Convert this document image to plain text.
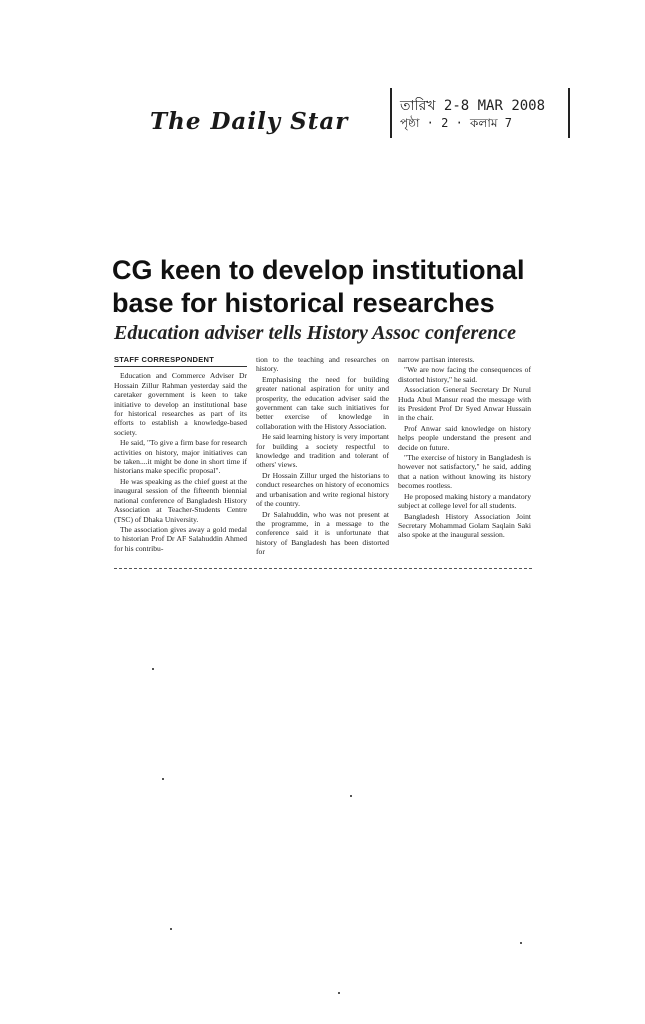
The Daily Star
তারিখ 2-8 MAR 2008
পৃষ্ঠা · 2 · কলাম 7
CG keen to develop institutional base for historical researches
Education adviser tells History Assoc conference
STAFF CORRESPONDENT

Education and Commerce Adviser Dr Hossain Zillur Rahman yesterday said the caretaker government is keen to take initiative to develop an institutional base for historical researches as part of its efforts to establish a knowledge-based society.

He said, "To give a firm base for research activities on history, major initiatives can be taken....it might be done in short time if historians make specific proposal".

He was speaking as the chief guest at the inaugural session of the fifteenth biennial national conference of Bangladesh History Association at Teacher-Students Centre (TSC) of Dhaka University.

The association gives away a gold medal to historian Prof Dr AF Salahuddin Ahmed for his contribu-

tion to the teaching and researches on history.

Emphasising the need for building greater national aspiration for unity and prosperity, the education adviser said the government can take such initiatives for better exercise of knowledge in collaboration with the History Association.

He said learning history is very important for building a society respectful to knowledge and tradition and tolerant of others' views.

Dr Hossain Zillur urged the historians to conduct researches on history of economics and urbanisation and write regional history of the country.

Dr Salahuddin, who was not present at the programme, in a message to the conference said it is unfortunate that history of Bangladesh has been distorted for

narrow partisan interests.

"We are now facing the consequences of distorted history," he said.

Association General Secretary Dr Nurul Huda Abul Mansur read the message with its President Prof Dr Syed Anwar Hussain in the chair.

Prof Anwar said knowledge on history helps people understand the present and decide on future.

"The exercise of history in Bangladesh is however not satisfactory," he said, adding that a nation without knowing its history becomes rootless.

He proposed making history a mandatory subject at college level for all students.

Bangladesh History Association Joint Secretary Mohammad Golam Saqlain Saki also spoke at the inaugural session.
